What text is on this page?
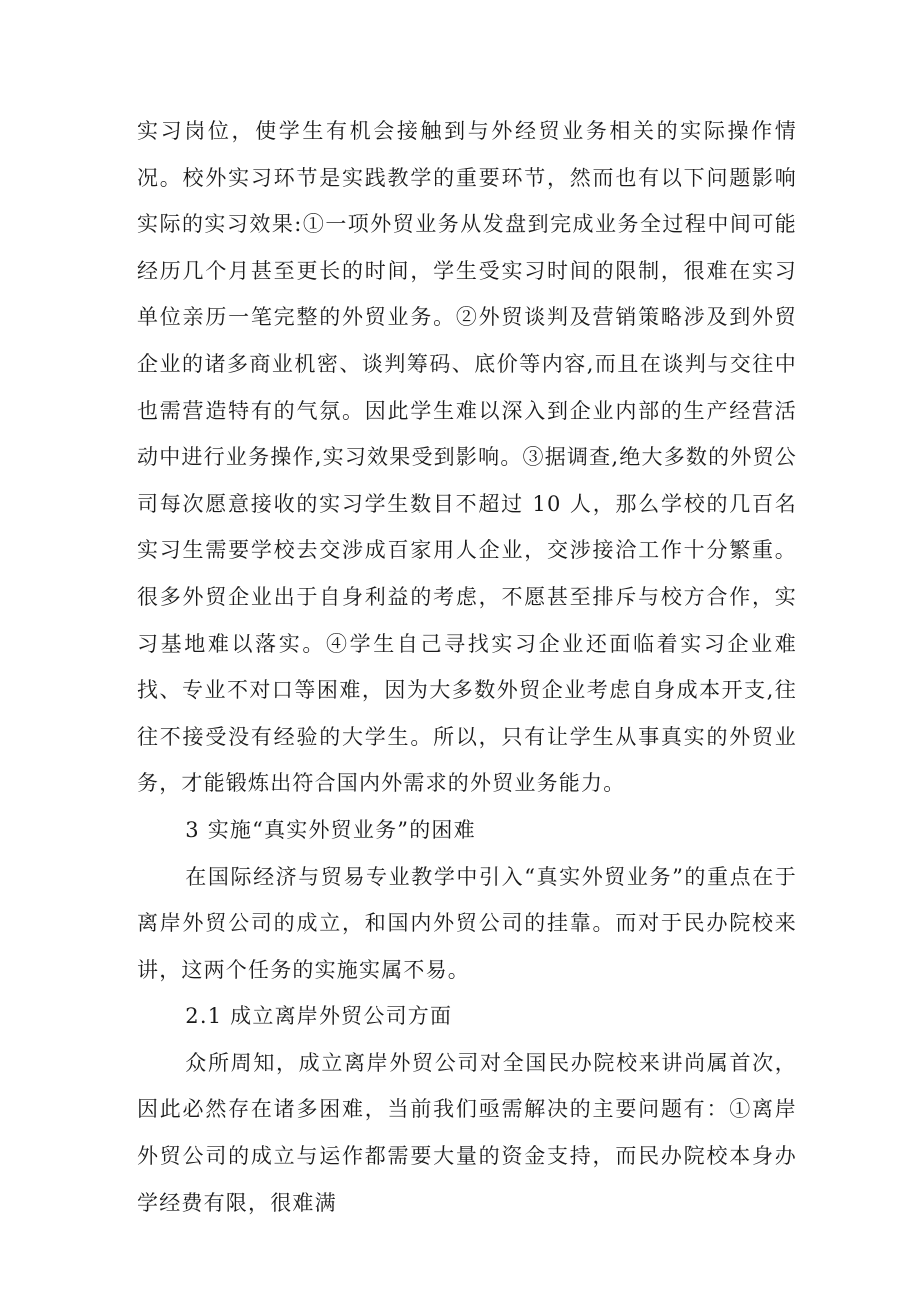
实习岗位，使学生有机会接触到与外经贸业务相关的实际操作情况。校外实习环节是实践教学的重要环节，然而也有以下问题影响实际的实习效果:①一项外贸业务从发盘到完成业务全过程中间可能经历几个月甚至更长的时间，学生受实习时间的限制，很难在实习单位亲历一笔完整的外贸业务。②外贸谈判及营销策略涉及到外贸企业的诸多商业机密、谈判筹码、底价等内容,而且在谈判与交往中也需营造特有的气氛。因此学生难以深入到企业内部的生产经营活动中进行业务操作,实习效果受到影响。③据调查,绝大多数的外贸公司每次愿意接收的实习学生数目不超过 10 人，那么学校的几百名实习生需要学校去交涉成百家用人企业，交涉接洽工作十分繁重。很多外贸企业出于自身利益的考虑，不愿甚至排斥与校方合作，实习基地难以落实。④学生自己寻找实习企业还面临着实习企业难找、专业不对口等困难，因为大多数外贸企业考虑自身成本开支,往往不接受没有经验的大学生。所以，只有让学生从事真实的外贸业务，才能锻炼出符合国内外需求的外贸业务能力。

3 实施“真实外贸业务”的困难

在国际经济与贸易专业教学中引入“真实外贸业务”的重点在于离岸外贸公司的成立，和国内外贸公司的挂靠。而对于民办院校来讲，这两个任务的实施实属不易。

2.1 成立离岸外贸公司方面

众所周知，成立离岸外贸公司对全国民办院校来讲尚属首次，因此必然存在诸多困难，当前我们亟需解决的主要问题有：①离岸外贸公司的成立与运作都需要大量的资金支持，而民办院校本身办学经费有限，很难满
